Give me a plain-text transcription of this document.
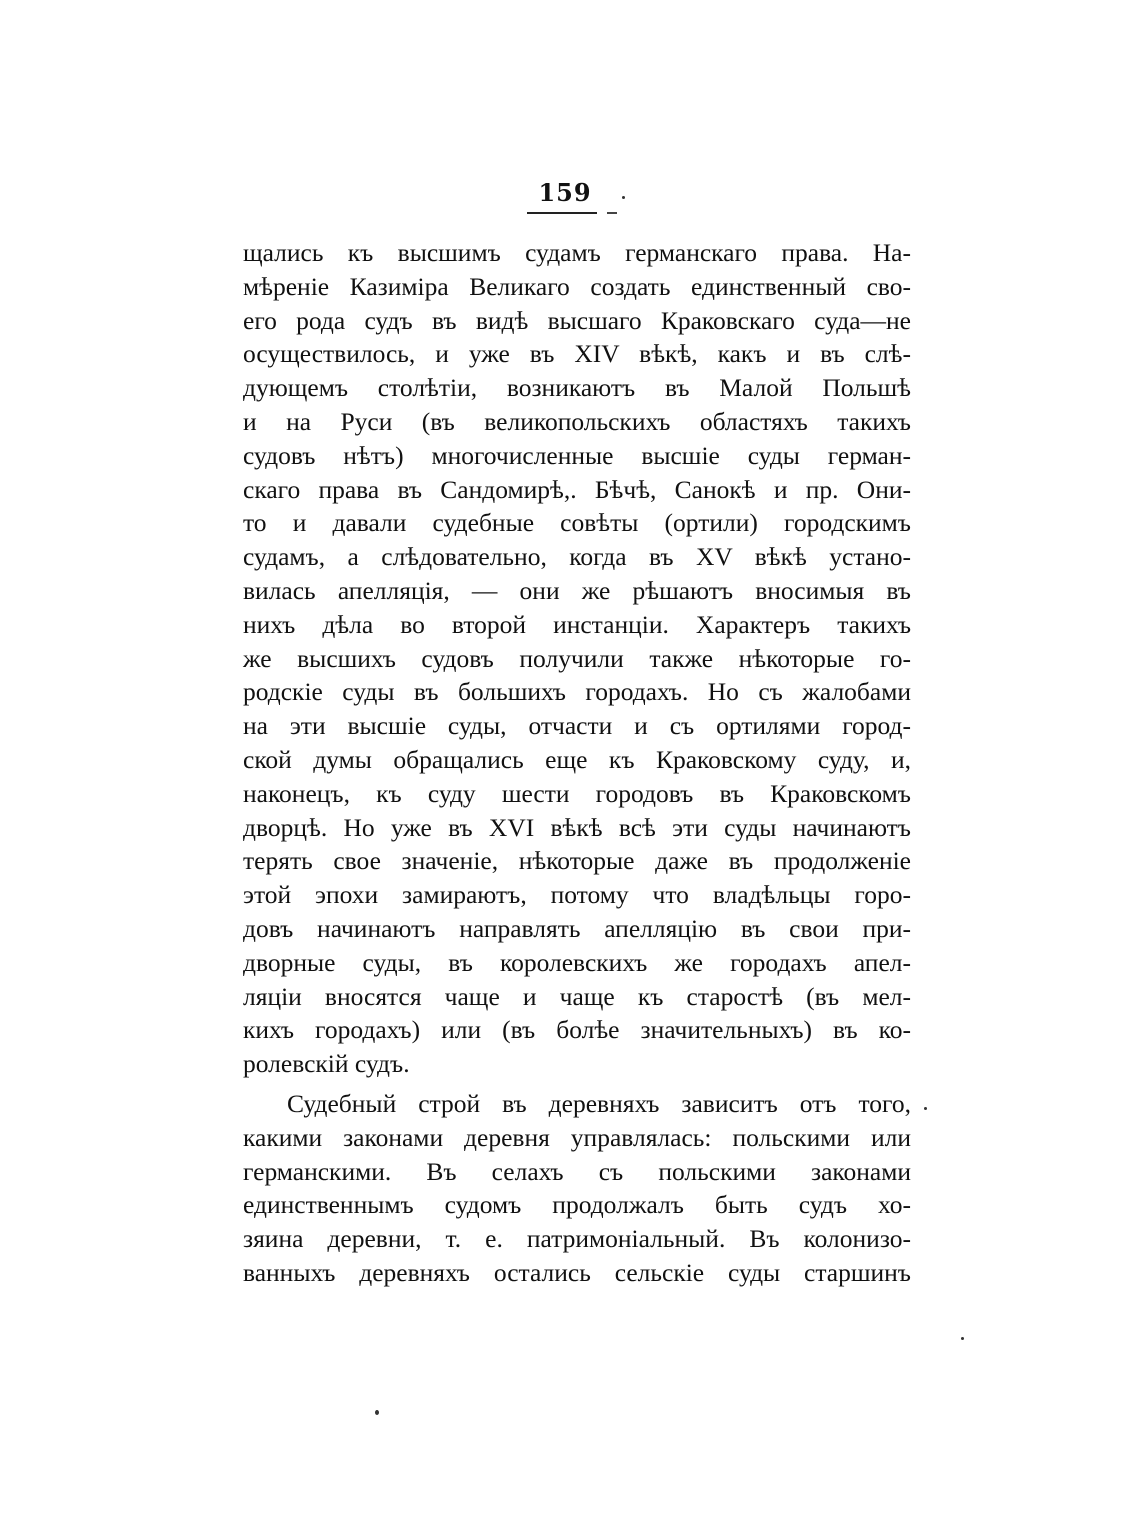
159
щались къ высшимъ судамъ германскаго права. На-
мѣреніе Казиміра Великаго создать единственный сво-
его рода судъ въ видѣ высшаго Краковскаго суда—не
осуществилось, и уже въ XIV вѣкѣ, какъ и въ слѣ-
дующемъ столѣтіи, возникаютъ въ Малой Польшѣ
и на Руси (въ великопольскихъ областяхъ такихъ
судовъ нѣтъ) многочисленные высшіе суды герман-
скаго права въ Сандомирѣ,. Бѣчѣ, Санокѣ и пр. Они-
то и давали судебные совѣты (ортили) городскимъ
судамъ, а слѣдовательно, когда въ XV вѣкѣ устано-
вилась апелляція, — они же рѣшаютъ вносимыя въ
нихъ дѣла во второй инстанціи. Характеръ такихъ
же высшихъ судовъ получили также нѣкоторые го-
родскіе суды въ большихъ городахъ. Но съ жалобами
на эти высшіе суды, отчасти и съ ортилями город-
ской думы обращались еще къ Краковскому суду, и,
наконецъ, къ суду шести городовъ въ Краковскомъ
дворцѣ. Но уже въ XVI вѣкѣ всѣ эти суды начинаютъ
терять свое значеніе, нѣкоторые даже въ продолженіе
этой эпохи замираютъ, потому что владѣльцы горо-
довъ начинаютъ направлять апелляцію въ свои при-
дворные суды, въ королевскихъ же городахъ апел-
ляціи вносятся чаще и чаще къ старостѣ (въ мел-
кихъ городахъ) или (въ болѣе значительныхъ) въ ко-
ролевскій судъ.
Судебный строй въ деревняхъ зависитъ отъ того,
какими законами деревня управлялась: польскими или
германскими. Въ селахъ съ польскими законами
единственнымъ судомъ продолжалъ быть судъ хо-
зяина деревни, т. е. патримоніальный. Въ колонизо-
ванныхъ деревняхъ остались сельскіе суды старшинъ
